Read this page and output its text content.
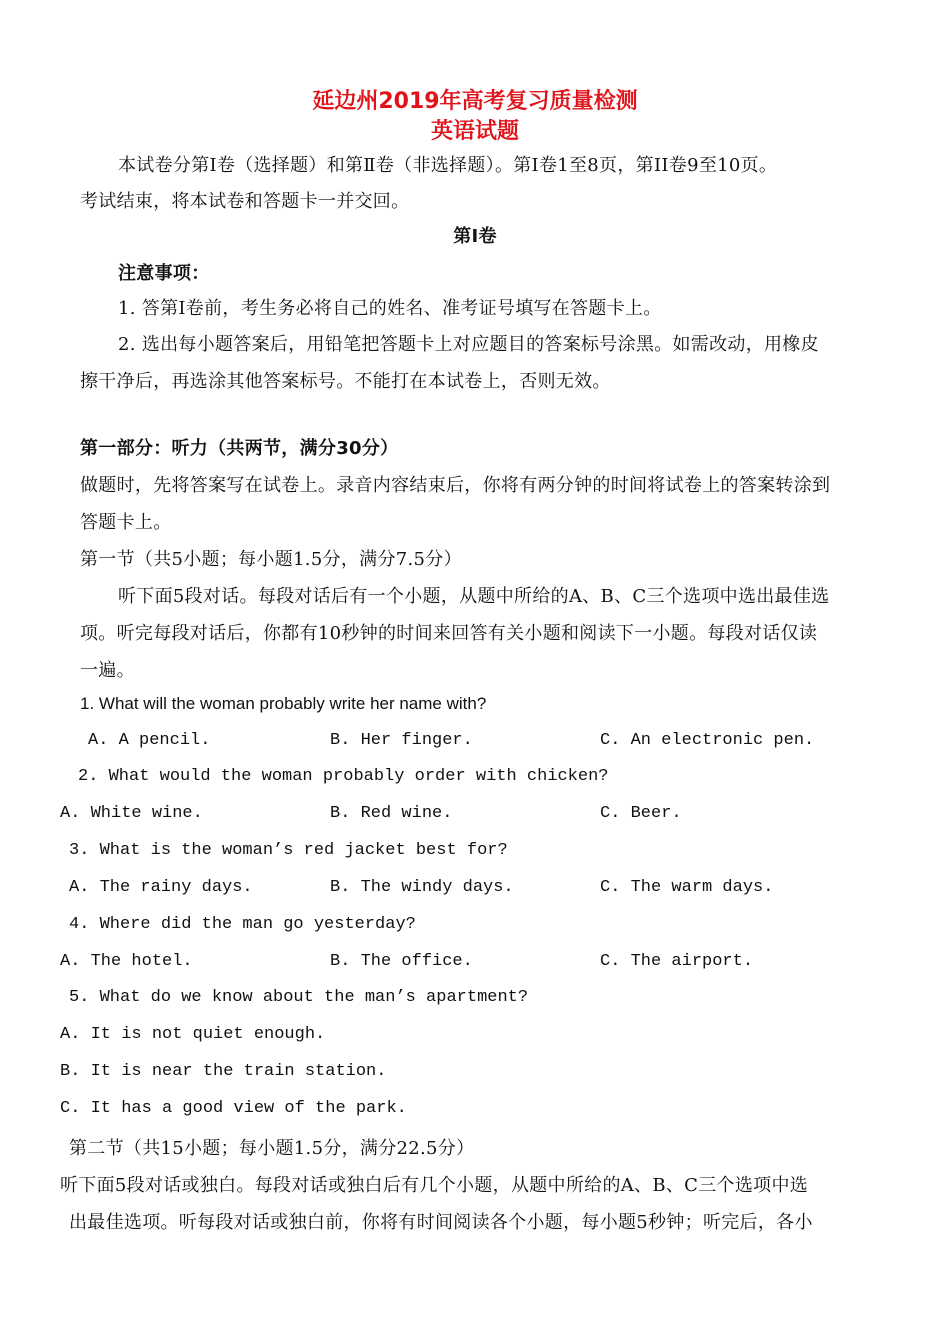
延边州2019年高考复习质量检测
英语试题
本试卷分第Ⅰ卷（选择题）和第Ⅱ卷（非选择题）。第Ⅰ卷1至8页，第II卷9至10页。
考试结束，将本试卷和答题卡一并交回。
第Ⅰ卷
注意事项：
1. 答第Ⅰ卷前，考生务必将自己的姓名、准考证号填写在答题卡上。
2. 选出每小题答案后，用铅笔把答题卡上对应题目的答案标号涂黑。如需改动，用橡皮
擦干净后，再选涂其他答案标号。不能打在本试卷上，否则无效。
第一部分：听力（共两节，满分30分）
做题时，先将答案写在试卷上。录音内容结束后，你将有两分钟的时间将试卷上的答案转涂到
答题卡上。
第一节（共5小题；每小题1.5分，满分7.5分）
听下面5段对话。每段对话后有一个小题，从题中所给的A、B、C三个选项中选出最佳选
项。听完每段对话后，你都有10秒钟的时间来回答有关小题和阅读下一小题。每段对话仅读
一遍。
1. What will the woman probably write her name with?
A. A pencil.	B. Her finger.	C. An electronic pen.
2. What would the woman probably order with chicken?
A. White wine.	B. Red wine.	C. Beer.
3. What is the woman’s red jacket best for?
A. The rainy days.	B. The windy days.	C. The warm days.
4. Where did the man go yesterday?
A. The hotel.	B. The office.	C. The airport.
5. What do we know about the man’s apartment?
A. It is not quiet enough.
B. It is near the train station.
C. It has a good view of the park.
第二节（共15小题；每小题1.5分，满分22.5分）
听下面5段对话或独白。每段对话或独白后有几个小题，从题中所给的A、B、C三个选项中选
出最佳选项。听每段对话或独白前，你将有时间阅读各个小题，每小题5秒钟；听完后，各小
